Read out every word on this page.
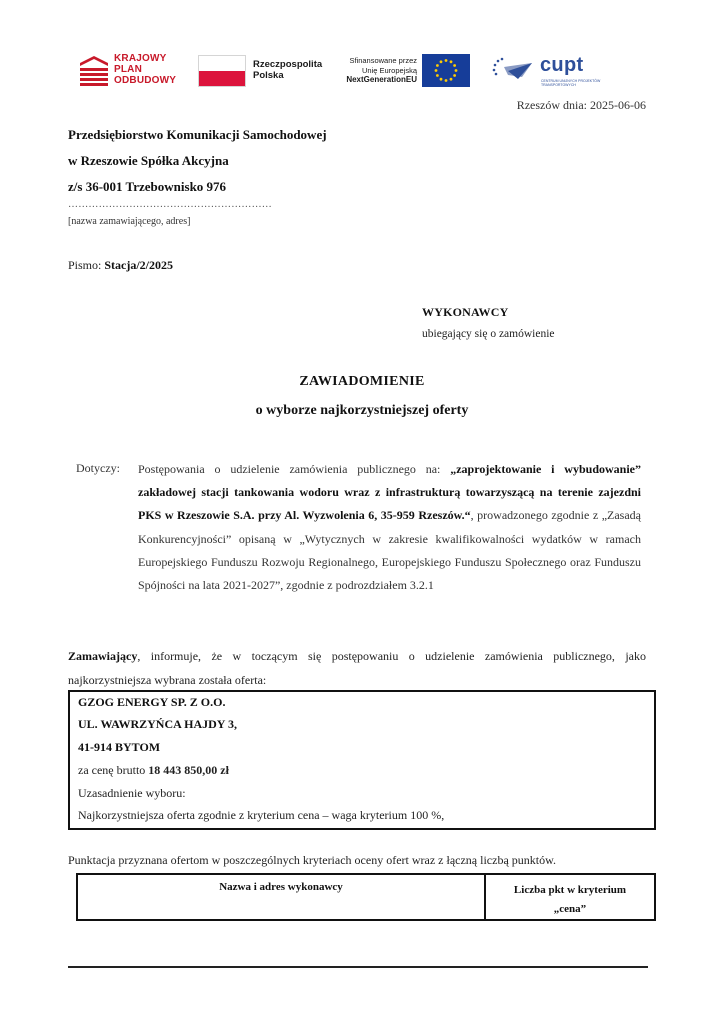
KRAJOWY
PLAN
ODBUDOWY
Rzeczpospolita
Polska
Sfinansowane przez
Unię Europejską
NextGenerationEU
cupt
CENTRUM UNIJNYCH PROJEKTÓW TRANSPORTOWYCH
Rzeszów dnia: 2025-06-06
Przedsiębiorstwo Komunikacji Samochodowej
w Rzeszowie Spółka Akcyjna
z/s 36-001 Trzebownisko 976
……………………………………………………
[nazwa zamawiającego, adres]
Pismo: Stacja/2/2025
WYKONAWCY
ubiegający się o zamówienie
ZAWIADOMIENIE
o wyborze najkorzystniejszej oferty
Dotyczy: Postępowania o udzielenie zamówienia publicznego na: „zaprojektowanie i wybudowanie” zakładowej stacji tankowania wodoru wraz z infrastrukturą towarzyszącą na terenie zajezdni PKS w Rzeszowie S.A. przy Al. Wyzwolenia 6, 35-959 Rzeszów.“, prowadzonego zgodnie z „Zasadą Konkurencyjności” opisaną w „Wytycznych w zakresie kwalifikowalności wydatków w ramach Europejskiego Funduszu Rozwoju Regionalnego, Europejskiego Funduszu Społecznego oraz Funduszu Spójności na lata 2021-2027”, zgodnie z podrozdziałem 3.2.1
Zamawiający, informuje, że w toczącym się postępowaniu o udzielenie zamówienia publicznego, jako najkorzystniejsza wybrana została oferta:
GZOG ENERGY SP. Z O.O.
UL. WAWRZYŃCA HAJDY 3,
41-914 BYTOM
za cenę brutto 18 443 850,00 zł
Uzasadnienie wyboru:
Najkorzystniejsza oferta zgodnie z kryterium cena – waga kryterium 100 %,
Punktacja przyznana ofertom w poszczególnych kryteriach oceny ofert wraz z łączną liczbą punktów.
Nazwa i adres wykonawcy	Liczba pkt w kryterium
„cena”
